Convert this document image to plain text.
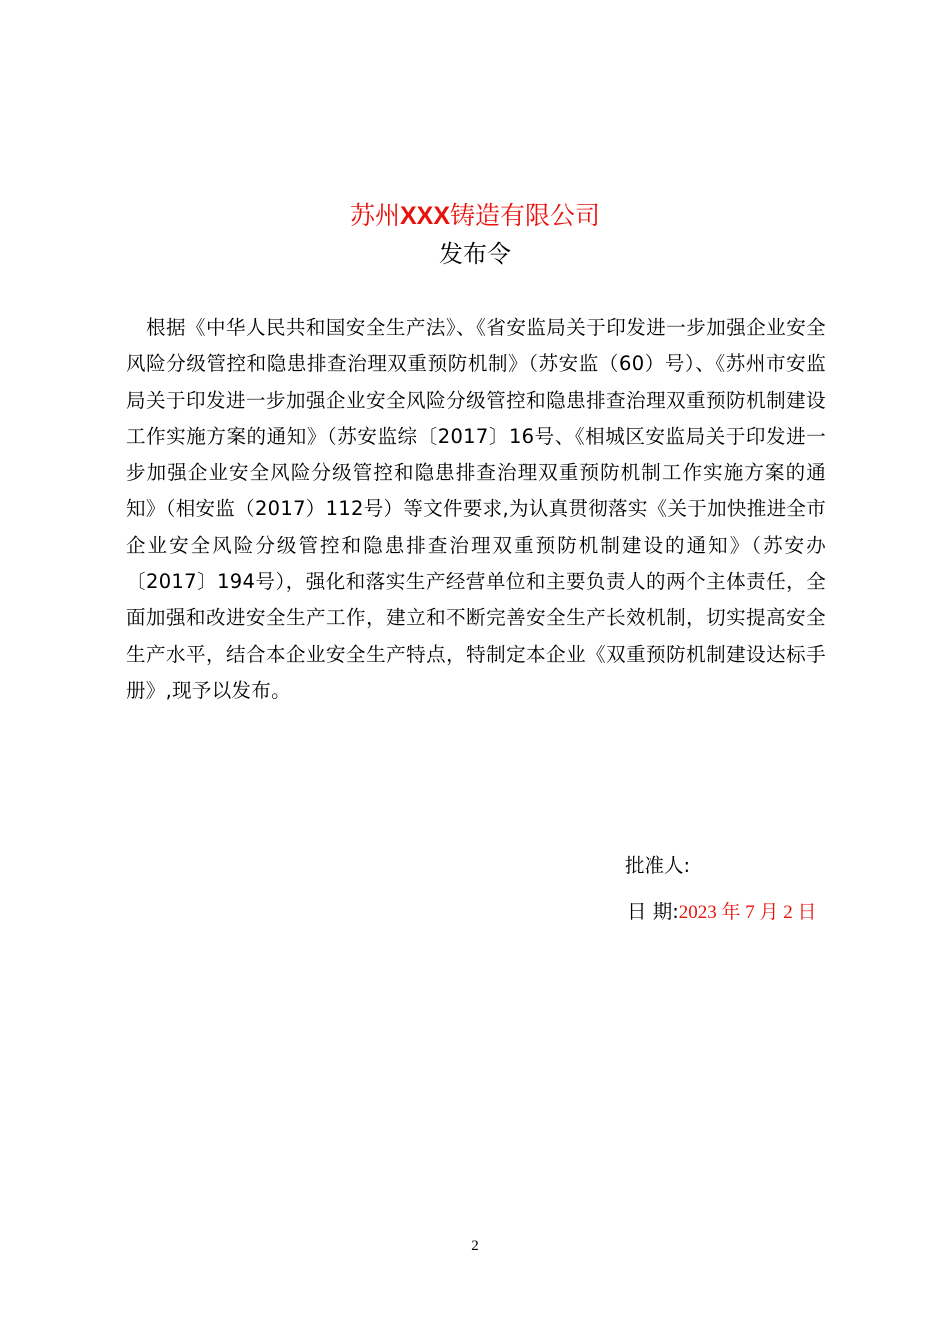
苏州XXX铸造有限公司
发布令

根据《中华人民共和国安全生产法》、《省安监局关于印发进一步加强企业安全风险分级管控和隐患排查治理双重预防机制》（苏安监（60）号）、《苏州市安监局关于印发进一步加强企业安全风险分级管控和隐患排查治理双重预防机制建设工作实施方案的通知》（苏安监综〔2017〕16号、《相城区安监局关于印发进一步加强企业安全风险分级管控和隐患排查治理双重预防机制工作实施方案的通知》（相安监（2017）112号）等文件要求,为认真贯彻落实《关于加快推进全市企业安全风险分级管控和隐患排查治理双重预防机制建设的通知》（苏安办〔2017〕194号），强化和落实生产经营单位和主要负责人的两个主体责任，全面加强和改进安全生产工作，建立和不断完善安全生产长效机制，切实提高安全生产水平，结合本企业安全生产特点，特制定本企业《双重预防机制建设达标手册》,现予以发布。

批准人:
日 期:2023 年 7 月 2 日
2
